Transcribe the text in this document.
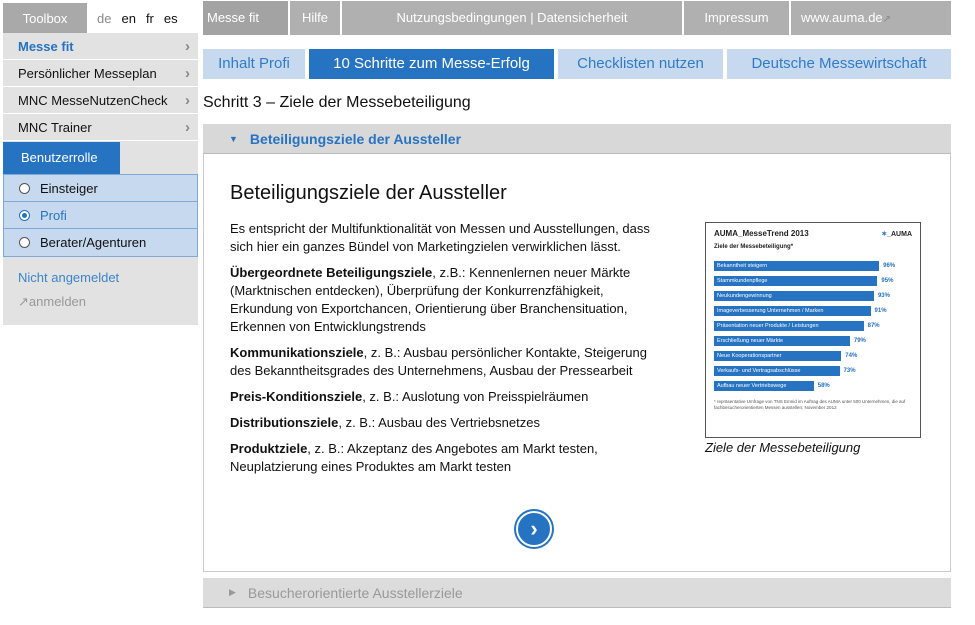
Toolbox	de en fr es
Messe fit	›
Persönlicher Messeplan ›
MNC MesseNutzenCheck ›
MNC Trainer	›
Benutzerrolle
Einsteiger
Profi
Berater/Agenturen
Nicht angemeldet
↗anmelden
Messe fit	Hilfe	Nutzungsbedingungen | Datensicherheit	Impressum	www.auma.de↗
Inhalt Profi	10 Schritte zum Messe-Erfolg	Checklisten nutzen	Deutsche Messewirtschaft
Schritt 3 – Ziele der Messebeteiligung
▼ Beteiligungsziele der Aussteller
Beteiligungsziele der Aussteller

Es entspricht der Multifunktionalität von Messen und Ausstellungen, dass sich hier ein ganzes Bündel von Marketingzielen verwirklichen lässt.

Übergeordnete Beteiligungsziele, z.B.: Kennenlernen neuer Märkte (Marktnischen entdecken), Überprüfung der Konkurrenzfähigkeit, Erkundung von Exportchancen, Orientierung über Branchensituation, Erkennen von Entwicklungstrends

Kommunikationsziele, z. B.: Ausbau persönlicher Kontakte, Steigerung des Bekanntheitsgrades des Unternehmens, Ausbau der Pressearbeit

Preis-Konditionsziele, z. B.: Auslotung von Preisspielräumen

Distributionsziele, z. B.: Ausbau des Vertriebsnetzes

Produktziele, z. B.: Akzeptanz des Angebotes am Markt testen, Neuplatzierung eines Produktes am Markt testen

AUMA_MesseTrend 2013	✶_AUMA
Ziele der Messebeteiligung*
Bekanntheit steigern	96%
Stammkundenpflege	95%
Neukundengewinnung	93%
Imageverbesserung Unternehmen / Marken	91%
Präsentation neuer Produkte / Leistungen	87%
Erschließung neuer Märkte	79%
Neue Kooperationspartner	74%
Verkaufs- und Vertragsabschlüsse	73%
Aufbau neuer Vertriebswege	58%
* repräsentative Umfrage von TNS Emnid im Auftrag des AUMA unter 500 Unternehmen, die auf fachbesucherorientierten Messen ausstellen; November 2012
Ziele der Messebeteiligung
›
▶ Besucherorientierte Ausstellerziele
